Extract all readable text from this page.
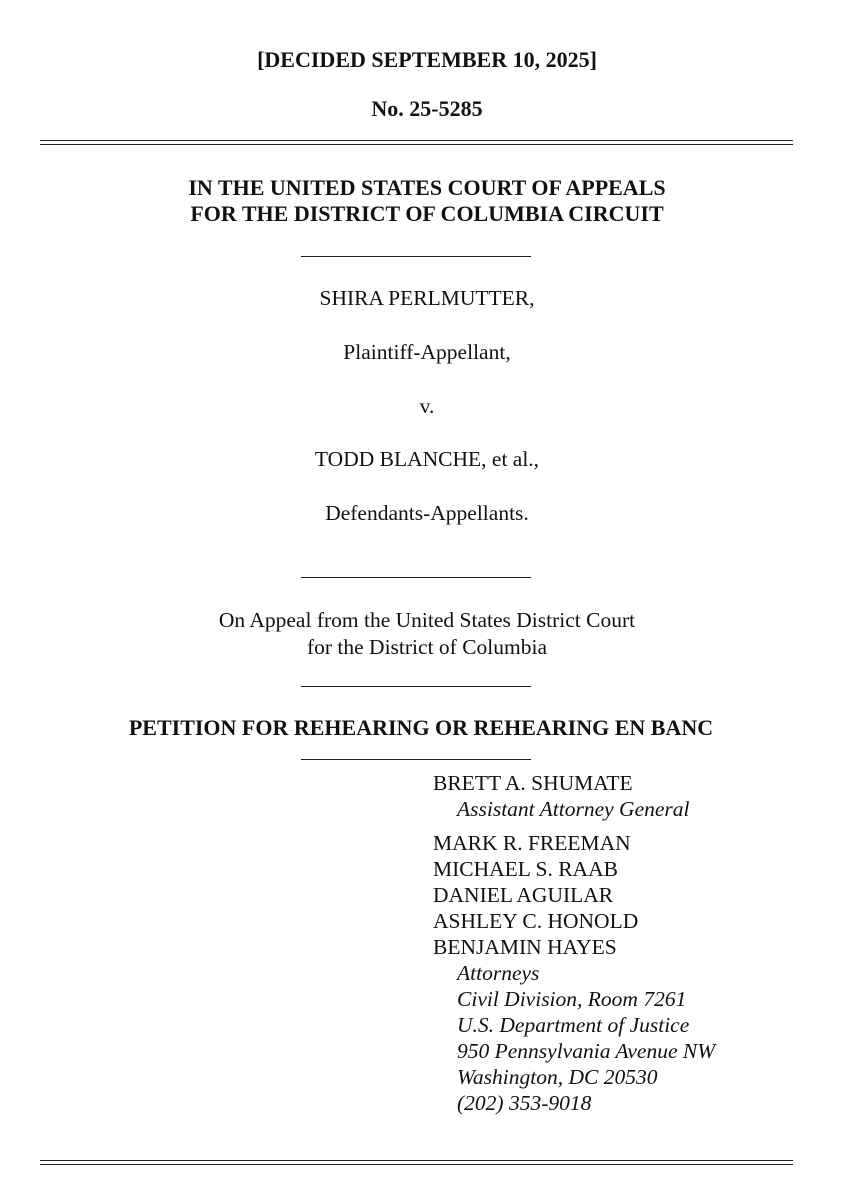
[DECIDED SEPTEMBER 10, 2025]
No. 25-5285
IN THE UNITED STATES COURT OF APPEALS
FOR THE DISTRICT OF COLUMBIA CIRCUIT
SHIRA PERLMUTTER,
Plaintiff-Appellant,
v.
TODD BLANCHE, et al.,
Defendants-Appellants.
On Appeal from the United States District Court
for the District of Columbia
PETITION FOR REHEARING OR REHEARING EN BANC
BRETT A. SHUMATE
Assistant Attorney General
MARK R. FREEMAN
MICHAEL S. RAAB
DANIEL AGUILAR
ASHLEY C. HONOLD
BENJAMIN HAYES
Attorneys
Civil Division, Room 7261
U.S. Department of Justice
950 Pennsylvania Avenue NW
Washington, DC 20530
(202) 353-9018
